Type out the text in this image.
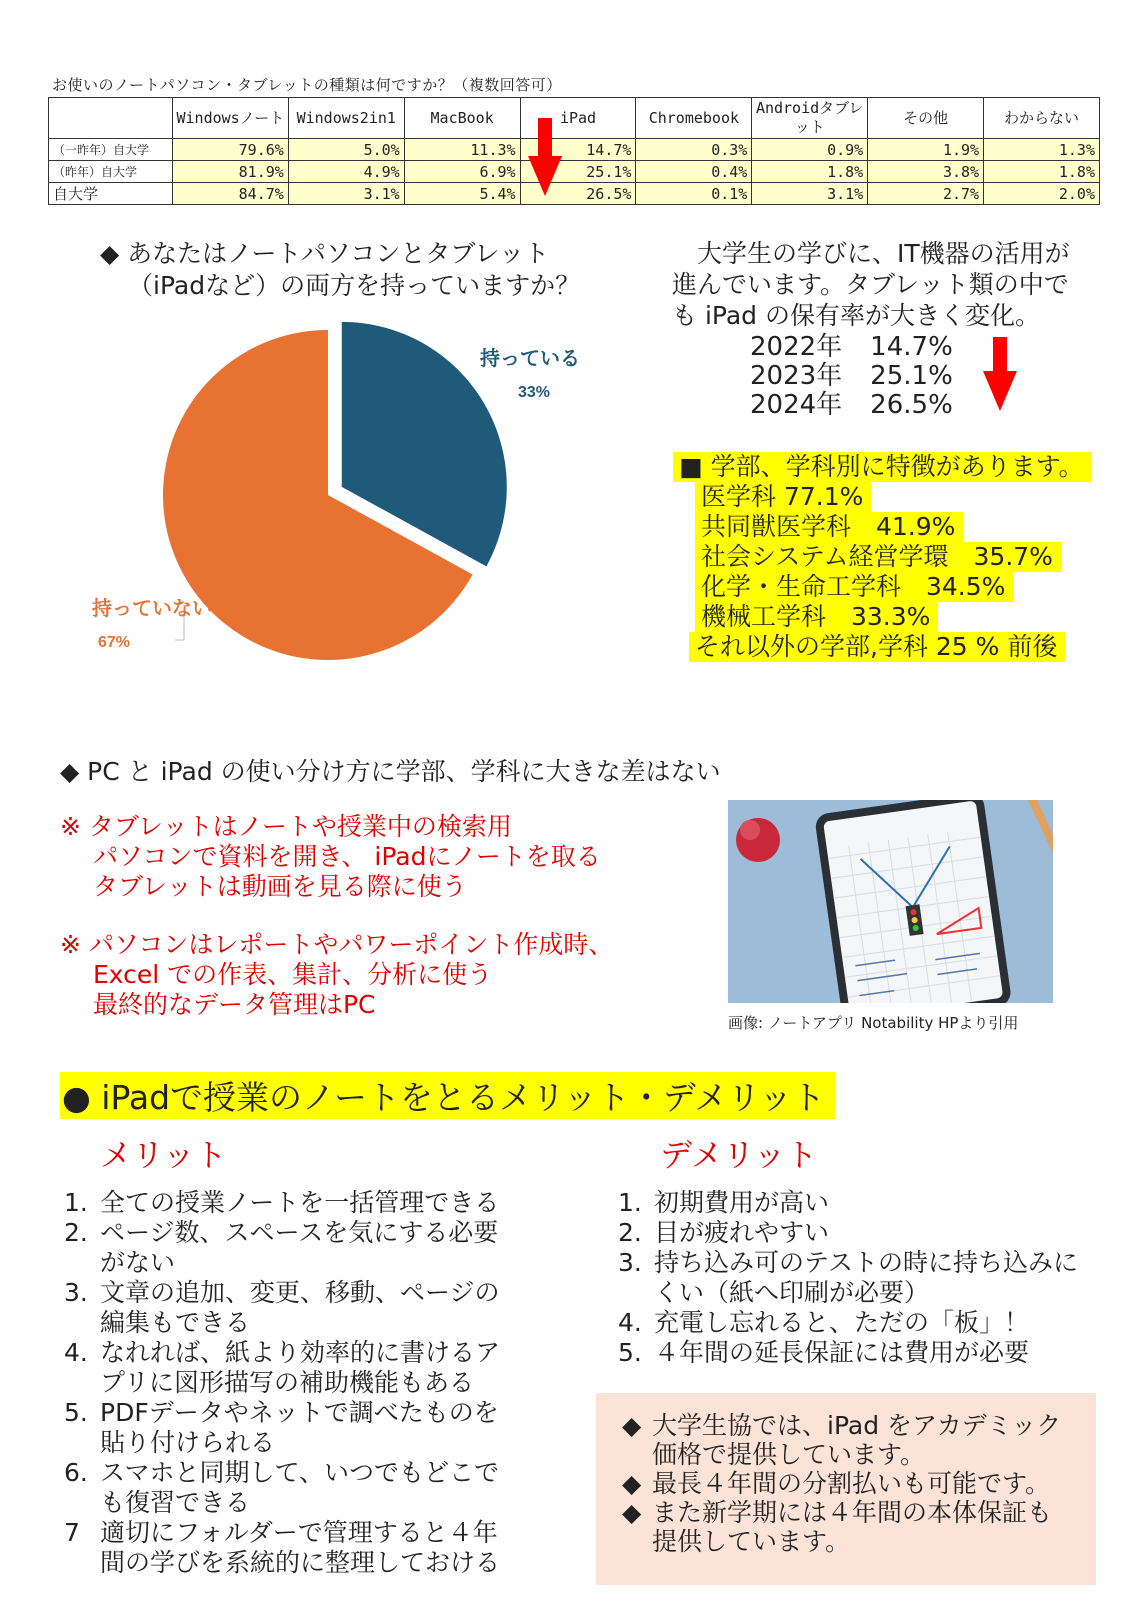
お使いのノートパソコン・タブレットの種類は何ですか？（複数回答可）
	Windowsノート	Windows2in1	MacBook	iPad	Chromebook	Androidタブレット	その他	わからない
（一昨年）自大学	79.6%	5.0%	11.3%	14.7%	0.3%	0.9%	1.9%	1.3%
（昨年）自大学	81.9%	4.9%	6.9%	25.1%	0.4%	1.8%	3.8%	1.8%
自大学	84.7%	3.1%	5.4%	26.5%	0.1%	3.1%	2.7%	2.0%
◆ あなたはノートパソコンとタブレット
（iPadなど）の両方を持っていますか？
持っている
33%
持っていない
67%
　大学生の学びに、IT機器の活用が
進んでいます。タブレット類の中で
も iPad の保有率が大きく変化。
2022年 14.7%
2023年 25.1%
2024年 26.5%
■ 学部、学科別に特徴があります。
医学科 77.1%
共同獣医学科　41.9%
社会システム経営学環　35.7%
化学・生命工学科　34.5%
機械工学科　33.3%
それ以外の学部,学科 25 % 前後
◆ PC と iPad の使い分け方に学部、学科に大きな差はない
※ タブレットはノートや授業中の検索用
　 パソコンで資料を開き、 iPadにノートを取る
　 タブレットは動画を見る際に使う
※ パソコンはレポートやパワーポイント作成時、
　 Excel での作表、集計、分析に使う
　 最終的なデータ管理はPC
画像: ノートアプリ Notability HPより引用
● iPadで授業のノートをとるメリット・デメリット
メリット	デメリット
1. 全ての授業ノートを一括管理できる
2. ページ数、スペースを気にする必要がない
3. 文章の追加、変更、移動、ページの編集もできる
4. なれれば、紙より効率的に書けるアプリに図形描写の補助機能もある
5. PDFデータやネットで調べたものを貼り付けられる
6. スマホと同期して、いつでもどこでも復習できる
7 適切にフォルダーで管理すると４年間の学びを系統的に整理しておける
1. 初期費用が高い
2. 目が疲れやすい
3. 持ち込み可のテストの時に持ち込みにくい（紙へ印刷が必要）
4. 充電し忘れると、ただの「板」！
5. ４年間の延長保証には費用が必要
◆ 大学生協では、iPad をアカデミック価格で提供しています。
◆ 最長４年間の分割払いも可能です。
◆ また新学期には４年間の本体保証も提供しています。
